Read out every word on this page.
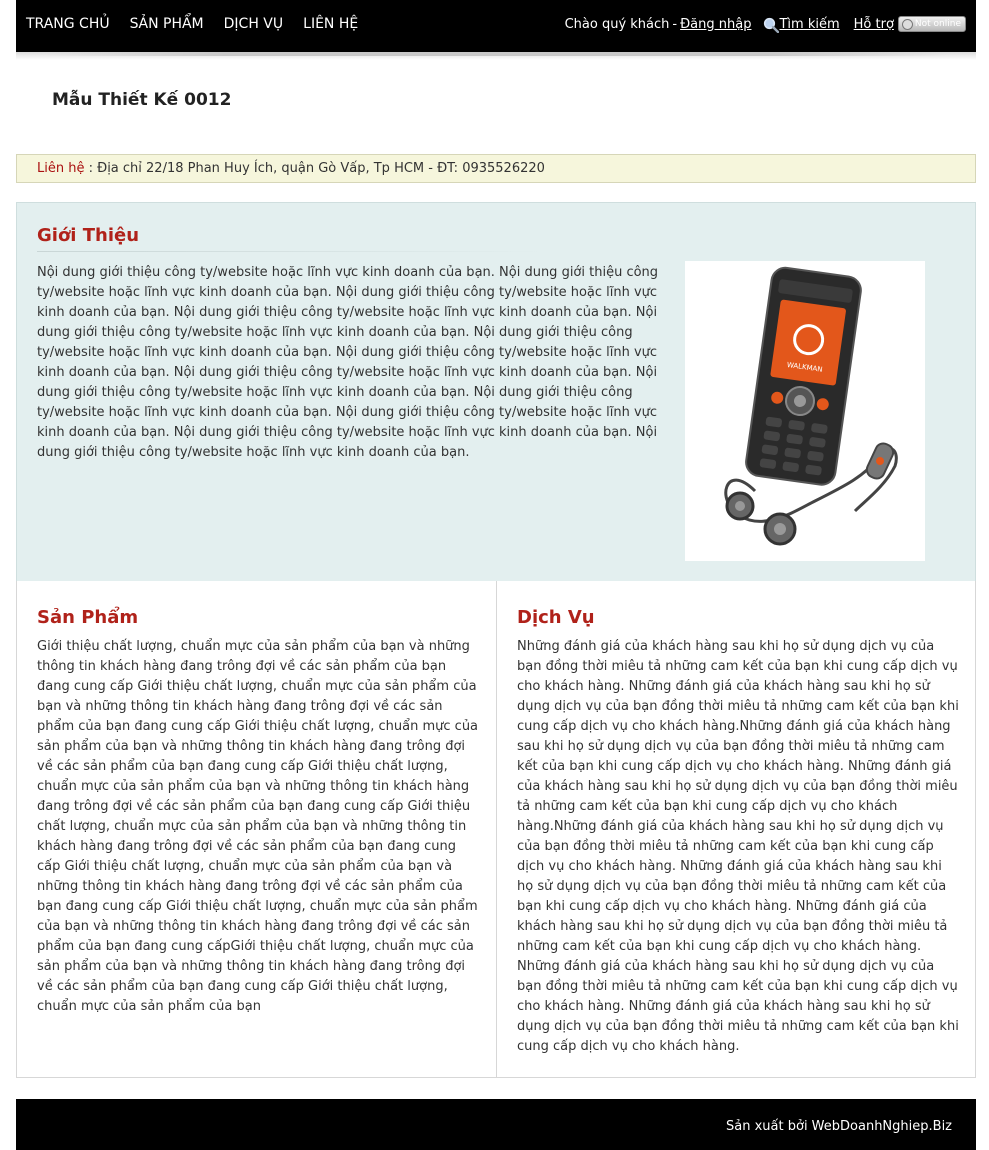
TRANG CHỦ SẢN PHẨM DỊCH VỤ LIÊN HỆ	Chào quý khách - Đăng nhập Tìm kiếm Hỗ trợ	Not online
Mẫu Thiết Kế 0012
Liên hệ : Địa chỉ 22/18 Phan Huy Ích, quận Gò Vấp, Tp HCM - ĐT: 0935526220
Giới Thiệu
Nội dung giới thiệu công ty/website hoặc lĩnh vực kinh doanh của bạn. Nội dung giới thiệu công ty/website hoặc lĩnh vực kinh doanh của bạn. Nội dung giới thiệu công ty/website hoặc lĩnh vực kinh doanh của bạn. Nội dung giới thiệu công ty/website hoặc lĩnh vực kinh doanh của bạn. Nội dung giới thiệu công ty/website hoặc lĩnh vực kinh doanh của bạn. Nội dung giới thiệu công ty/website hoặc lĩnh vực kinh doanh của bạn. Nội dung giới thiệu công ty/website hoặc lĩnh vực kinh doanh của bạn. Nội dung giới thiệu công ty/website hoặc lĩnh vực kinh doanh của bạn. Nội dung giới thiệu công ty/website hoặc lĩnh vực kinh doanh của bạn. Nội dung giới thiệu công ty/website hoặc lĩnh vực kinh doanh của bạn. Nội dung giới thiệu công ty/website hoặc lĩnh vực kinh doanh của bạn. Nội dung giới thiệu công ty/website hoặc lĩnh vực kinh doanh của bạn. Nội dung giới thiệu công ty/website hoặc lĩnh vực kinh doanh của bạn.
WALKMAN
Sản Phẩm
Giới thiệu chất lượng, chuẩn mực của sản phẩm của bạn và những thông tin khách hàng đang trông đợi về các sản phẩm của bạn đang cung cấp Giới thiệu chất lượng, chuẩn mực của sản phẩm của bạn và những thông tin khách hàng đang trông đợi về các sản phẩm của bạn đang cung cấp Giới thiệu chất lượng, chuẩn mực của sản phẩm của bạn và những thông tin khách hàng đang trông đợi về các sản phẩm của bạn đang cung cấp Giới thiệu chất lượng, chuẩn mực của sản phẩm của bạn và những thông tin khách hàng đang trông đợi về các sản phẩm của bạn đang cung cấp Giới thiệu chất lượng, chuẩn mực của sản phẩm của bạn và những thông tin khách hàng đang trông đợi về các sản phẩm của bạn đang cung cấp Giới thiệu chất lượng, chuẩn mực của sản phẩm của bạn và những thông tin khách hàng đang trông đợi về các sản phẩm của bạn đang cung cấp Giới thiệu chất lượng, chuẩn mực của sản phẩm của bạn và những thông tin khách hàng đang trông đợi về các sản phẩm của bạn đang cung cấpGiới thiệu chất lượng, chuẩn mực của sản phẩm của bạn và những thông tin khách hàng đang trông đợi về các sản phẩm của bạn đang cung cấp Giới thiệu chất lượng, chuẩn mực của sản phẩm của bạn
Dịch Vụ
Những đánh giá của khách hàng sau khi họ sử dụng dịch vụ của bạn đồng thời miêu tả những cam kết của bạn khi cung cấp dịch vụ cho khách hàng. Những đánh giá của khách hàng sau khi họ sử dụng dịch vụ của bạn đồng thời miêu tả những cam kết của bạn khi cung cấp dịch vụ cho khách hàng.Những đánh giá của khách hàng sau khi họ sử dụng dịch vụ của bạn đồng thời miêu tả những cam kết của bạn khi cung cấp dịch vụ cho khách hàng. Những đánh giá của khách hàng sau khi họ sử dụng dịch vụ của bạn đồng thời miêu tả những cam kết của bạn khi cung cấp dịch vụ cho khách hàng.Những đánh giá của khách hàng sau khi họ sử dụng dịch vụ của bạn đồng thời miêu tả những cam kết của bạn khi cung cấp dịch vụ cho khách hàng. Những đánh giá của khách hàng sau khi họ sử dụng dịch vụ của bạn đồng thời miêu tả những cam kết của bạn khi cung cấp dịch vụ cho khách hàng. Những đánh giá của khách hàng sau khi họ sử dụng dịch vụ của bạn đồng thời miêu tả những cam kết của bạn khi cung cấp dịch vụ cho khách hàng. Những đánh giá của khách hàng sau khi họ sử dụng dịch vụ của bạn đồng thời miêu tả những cam kết của bạn khi cung cấp dịch vụ cho khách hàng. Những đánh giá của khách hàng sau khi họ sử dụng dịch vụ của bạn đồng thời miêu tả những cam kết của bạn khi cung cấp dịch vụ cho khách hàng.
Sản xuất bởi WebDoanhNghiep.Biz
